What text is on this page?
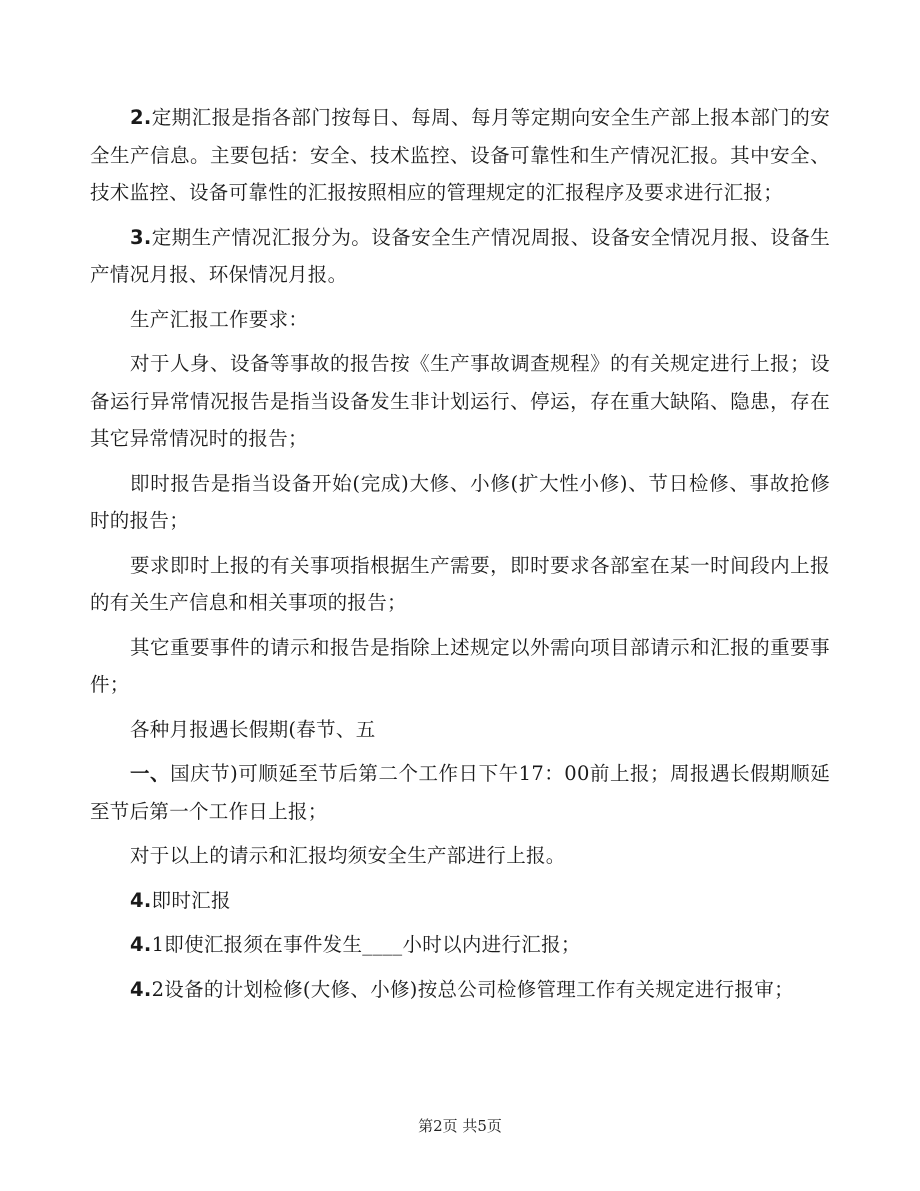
2.定期汇报是指各部门按每日、每周、每月等定期向安全生产部上报本部门的安全生产信息。主要包括：安全、技术监控、设备可靠性和生产情况汇报。其中安全、技术监控、设备可靠性的汇报按照相应的管理规定的汇报程序及要求进行汇报；

3.定期生产情况汇报分为。设备安全生产情况周报、设备安全情况月报、设备生产情况月报、环保情况月报。

生产汇报工作要求：

对于人身、设备等事故的报告按《生产事故调查规程》的有关规定进行上报；设备运行异常情况报告是指当设备发生非计划运行、停运，存在重大缺陷、隐患，存在其它异常情况时的报告；

即时报告是指当设备开始(完成)大修、小修(扩大性小修)、节日检修、事故抢修时的报告；

要求即时上报的有关事项指根据生产需要，即时要求各部室在某一时间段内上报的有关生产信息和相关事项的报告；

其它重要事件的请示和报告是指除上述规定以外需向项目部请示和汇报的重要事件；

各种月报遇长假期(春节、五

一、国庆节)可顺延至节后第二个工作日下午17：00前上报；周报遇长假期顺延至节后第一个工作日上报；

对于以上的请示和汇报均须安全生产部进行上报。

4.即时汇报

4.1即使汇报须在事件发生____小时以内进行汇报；

4.2设备的计划检修(大修、小修)按总公司检修管理工作有关规定进行报审；

第2页 共5页
